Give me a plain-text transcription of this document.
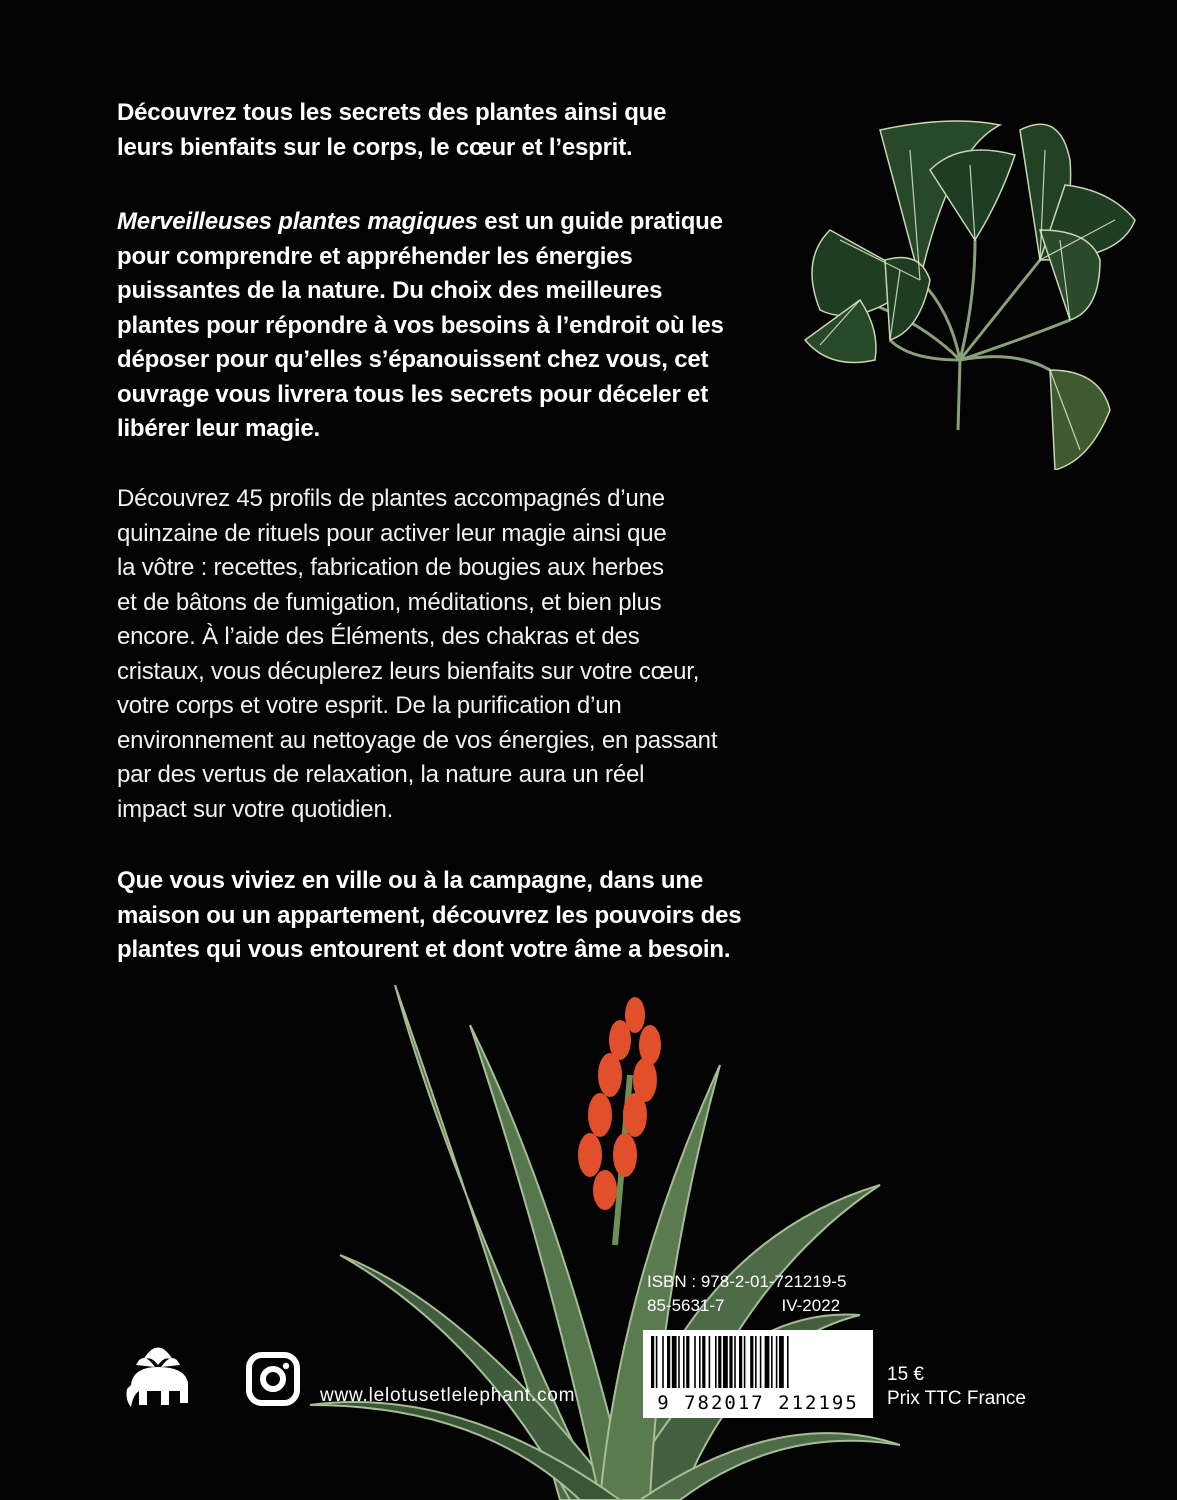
Découvrez tous les secrets des plantes ainsi que
leurs bienfaits sur le corps, le cœur et l’esprit.
Merveilleuses plantes magiques est un guide pratique
pour comprendre et appréhender les énergies
puissantes de la nature. Du choix des meilleures
plantes pour répondre à vos besoins à l’endroit où les
déposer pour qu’elles s’épanouissent chez vous, cet
ouvrage vous livrera tous les secrets pour déceler et
libérer leur magie.
Découvrez 45 profils de plantes accompagnés d’une
quinzaine de rituels pour activer leur magie ainsi que
la vôtre : recettes, fabrication de bougies aux herbes
et de bâtons de fumigation, méditations, et bien plus
encore. À l’aide des Éléments, des chakras et des
cristaux, vous décuplerez leurs bienfaits sur votre cœur,
votre corps et votre esprit. De la purification d’un
environnement au nettoyage de vos énergies, en passant
par des vertus de relaxation, la nature aura un réel
impact sur votre quotidien.
Que vous viviez en ville ou à la campagne, dans une
maison ou un appartement, découvrez les pouvoirs des
plantes qui vous entourent et dont votre âme a besoin.
ISBN : 978-2-01-721219-5
85-5631-7	IV-2022
9 782017 212195
15 €
Prix TTC France
www.lelotusetlelephant.com
